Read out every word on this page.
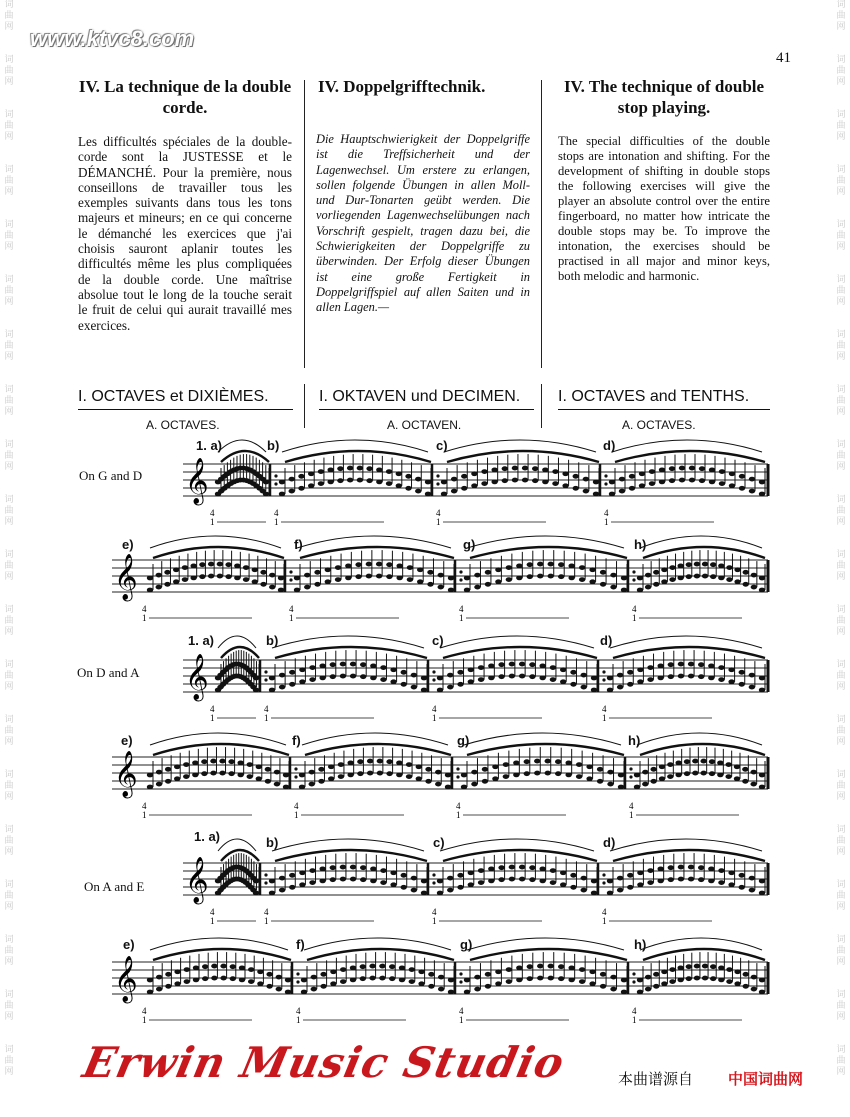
词
曲
网

词
曲
网

词
曲
网

词
曲
网

词
曲
网

词
曲
网

词
曲
网

词
曲
网

词
曲
网

词
曲
网

词
曲
网

词
曲
网

词
曲
网

词
曲
网

词
曲
网

词
曲
网

词
曲
网

词
曲
网

词
曲
网

词
曲
网

词
曲
网

词
曲
网

词
曲
网

词
曲
网

词
曲
网

词
曲
网

词
曲
网

词
曲
网

词
曲
网

词
曲
网

词
曲
网

词
曲
网

词
曲
网

词
曲
网

词
曲
网

词
曲
网

词
曲
网

词
曲
网

词
曲
网

词
曲
网

www.ktvc8.com
41
IV. La technique de la double corde.
Les difficultés spéciales de la double-corde sont la JUSTESSE et le DÉMANCHÉ. Pour la première, nous conseillons de travailler tous les exemples suivants dans tous les tons majeurs et mineurs; en ce qui concerne le démanché les exercices que j'ai choisis sauront aplanir toutes les difficultés même les plus compliquées de la double corde. Une maîtrise absolue tout le long de la touche serait le fruit de celui qui aurait travaillé mes exercices.
IV. Doppelgrifftechnik.
Die Hauptschwierigkeit der Doppelgriffe ist die Treffsicherheit und der Lagenwechsel. Um erstere zu erlangen, sollen folgende Übungen in allen Moll- und Dur-Tonarten geübt werden. Die vorliegenden Lagenwechselübungen nach Vorschrift gespielt, tragen dazu bei, die Schwierigkeiten der Doppelgriffe zu überwinden. Der Erfolg dieser Übungen ist eine große Fertigkeit in Doppelgriffspiel auf allen Saiten und in allen Lagen.—
IV. The technique of double stop playing.
The special difficulties of the double stops are intonation and shifting. For the development of shifting in double stops the following exercises will give the player an absolute control over the entire fingerboard, no matter how intricate the double stops may be. To improve the intonation, the exercises should be practised in all major and minor keys, both melodic and harmonic.
I. OCTAVES et DIXIÈMES.	I. OKTAVEN und DECIMEN.	I. OCTAVES and TENTHS.
A. OCTAVES.	A. OCTAVEN.	A. OCTAVES.
On G and D
On D and A
On A and E
1. a)	b)	c)	d)
e)	f)	g)	h)
1. a)	b)	c)	d)
e)	f)	g)	h)
1. a)	b)	c)	d)
e)	f)	g)	h)
𝄞
4
1
4
1
4
1
4
1
𝄞
4
1
4
1
4
1
4
1
𝄞
4
1
4
1
4
1
4
1
𝄞
4
1
4
1
4
1
4
1
𝄞
4
1
4
1
4
1
4
1
𝄞
4
1
4
1
4
1
4
1
Erwin Music Studio	本曲谱源自 中国词曲网
